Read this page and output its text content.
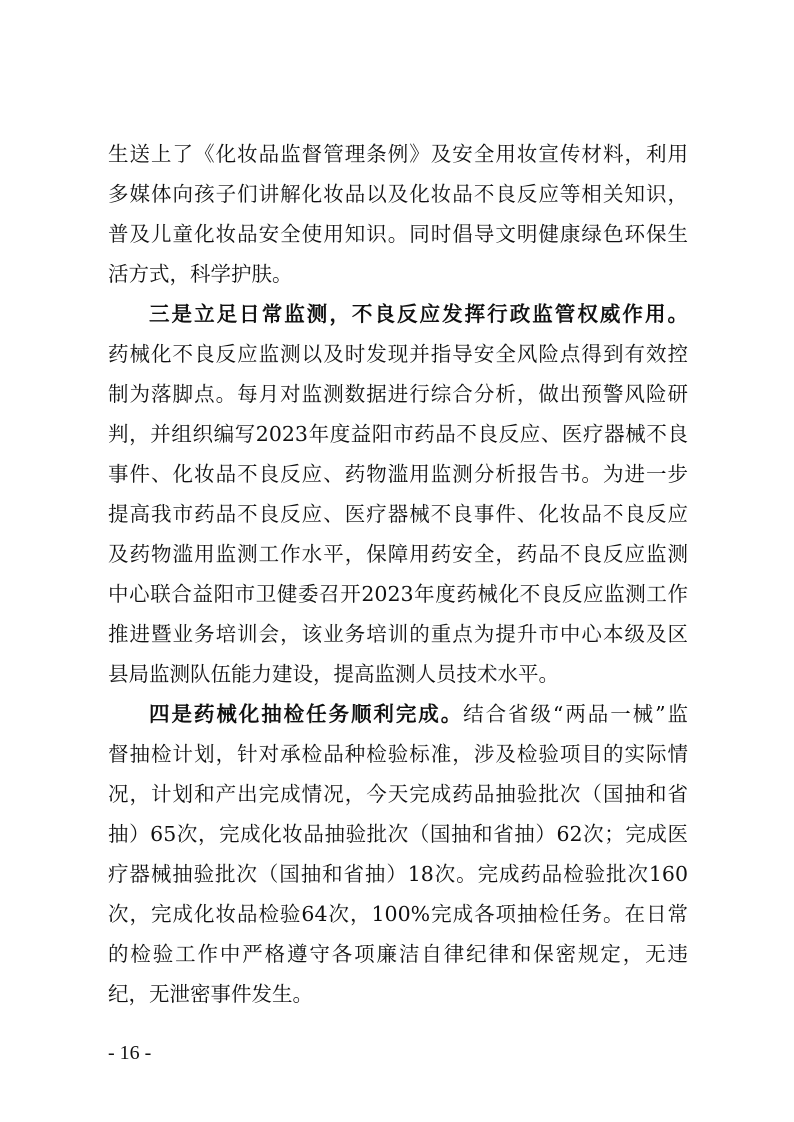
生送上了《化妆品监督管理条例》及安全用妆宣传材料，利用
多媒体向孩子们讲解化妆品以及化妆品不良反应等相关知识，
普及儿童化妆品安全使用知识。同时倡导文明健康绿色环保生
活方式，科学护肤。
三是立足日常监测，不良反应发挥行政监管权威作用。
药械化不良反应监测以及时发现并指导安全风险点得到有效控
制为落脚点。每月对监测数据进行综合分析，做出预警风险研
判，并组织编写2023年度益阳市药品不良反应、医疗器械不良
事件、化妆品不良反应、药物滥用监测分析报告书。为进一步
提高我市药品不良反应、医疗器械不良事件、化妆品不良反应
及药物滥用监测工作水平，保障用药安全，药品不良反应监测
中心联合益阳市卫健委召开2023年度药械化不良反应监测工作
推进暨业务培训会，该业务培训的重点为提升市中心本级及区
县局监测队伍能力建设，提高监测人员技术水平。
四是药械化抽检任务顺利完成。结合省级“两品一械”监
督抽检计划，针对承检品种检验标准，涉及检验项目的实际情
况，计划和产出完成情况，今天完成药品抽验批次（国抽和省
抽）65次，完成化妆品抽验批次（国抽和省抽）62次；完成医
疗器械抽验批次（国抽和省抽）18次。完成药品检验批次160
次，完成化妆品检验64次，100%完成各项抽检任务。在日常
的检验工作中严格遵守各项廉洁自律纪律和保密规定，无违
纪，无泄密事件发生。
- 16 -
